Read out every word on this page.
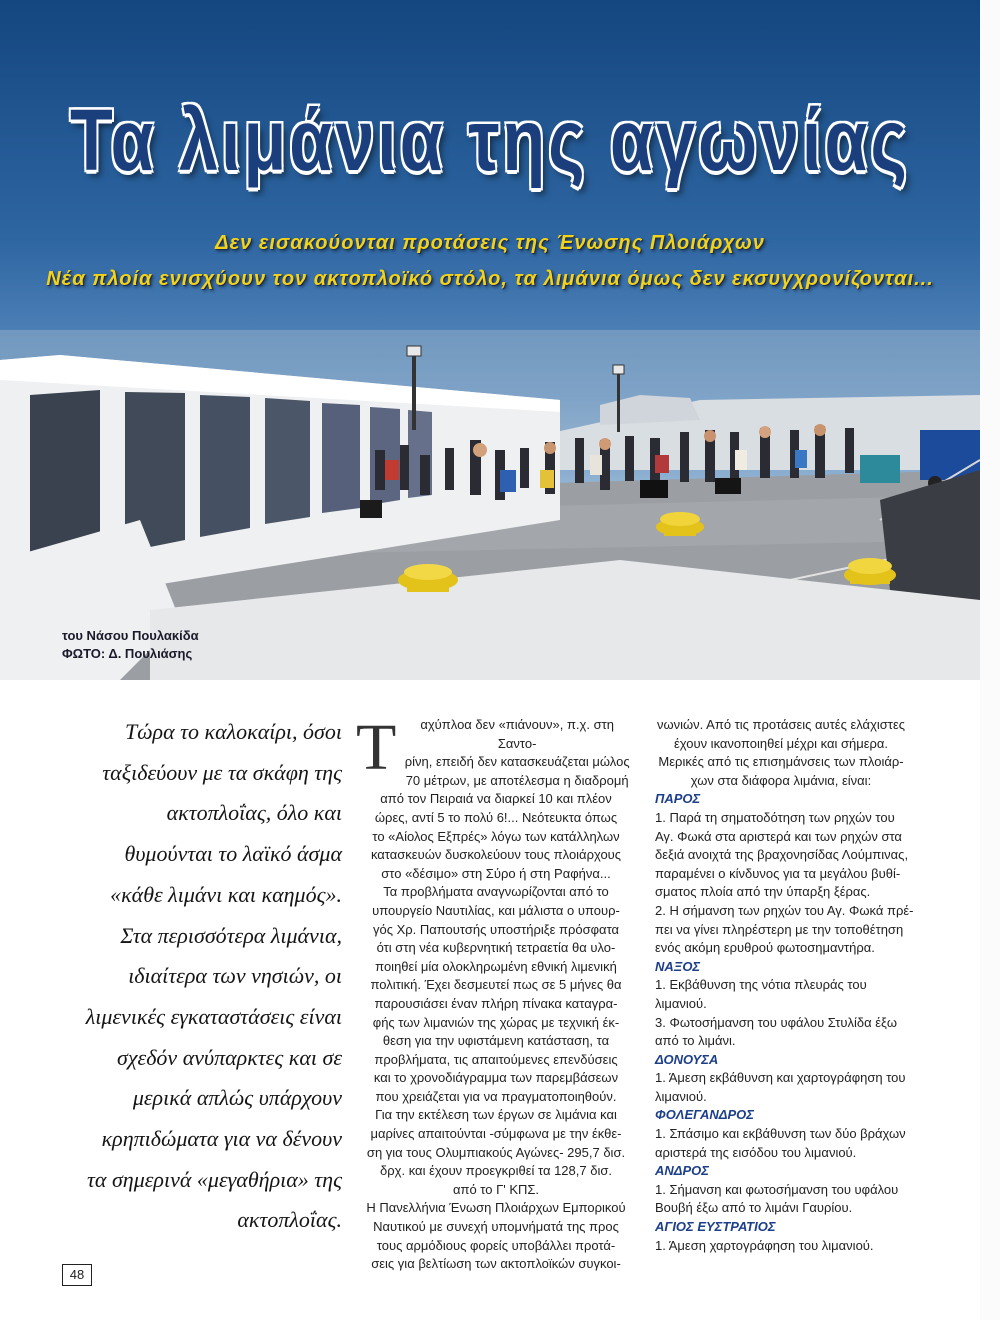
Τα λιμάνια της αγωνίας

Δεν εισακούονται προτάσεις της Ένωσης Πλοιάρχων

Νέα πλοία ενισχύουν τον ακτοπλοϊκό στόλο, τα λιμάνια όμως δεν εκσυγχρονίζονται...

του Νάσου Πουλακίδα
ΦΩΤΟ: Δ. Πουλιάσης

Τώρα το καλοκαίρι, όσοι

ταξιδεύουν με τα σκάφη της

ακτοπλοΐας, όλο και

θυμούνται το λαϊκό άσμα

«κάθε λιμάνι και καημός».

Στα περισσότερα λιμάνια,

ιδιαίτερα των νησιών, οι

λιμενικές εγκαταστάσεις είναι

σχεδόν ανύπαρκτες και σε

μερικά απλώς υπάρχουν

κρηπιδώματα για να δένουν

τα σημερινά «μεγαθήρια» της

ακτοπλοΐας.

Τ	αχύπλοα δεν «πιάνουν», π.χ. στη Σαντο-

ρίνη, επειδή δεν κατασκευάζεται μώλος

70 μέτρων, με αποτέλεσμα η διαδρομή

από τον Πειραιά να διαρκεί 10 και πλέον

ώρες, αντί 5 το πολύ 6!... Νεότευκτα όπως

το «Αίολος Εξπρές» λόγω των κατάλληλων

κατασκευών δυσκολεύουν τους πλοιάρχους

στο «δέσιμο» στη Σύρο ή στη Ραφήνα...

Τα προβλήματα αναγνωρίζονται από το

υπουργείο Ναυτιλίας, και μάλιστα ο υπουρ-

γός Χρ. Παπουτσής υποστήριξε πρόσφατα

ότι στη νέα κυβερνητική τετραετία θα υλο-

ποιηθεί μία ολοκληρωμένη εθνική λιμενική

πολιτική. Έχει δεσμευτεί πως σε 5 μήνες θα

παρουσιάσει έναν πλήρη πίνακα καταγρα-

φής των λιμανιών της χώρας με τεχνική έκ-

θεση για την υφιστάμενη κατάσταση, τα

προβλήματα, τις απαιτούμενες επενδύσεις

και το χρονοδιάγραμμα των παρεμβάσεων

που χρειάζεται για να πραγματοποιηθούν.

Για την εκτέλεση των έργων σε λιμάνια και

μαρίνες απαιτούνται -σύμφωνα με την έκθε-

ση για τους Ολυμπιακούς Αγώνες- 295,7 δισ.

δρχ. και έχουν προεγκριθεί τα 128,7 δισ.

από το Γ' ΚΠΣ.

Η Πανελλήνια Ένωση Πλοιάρχων Εμπορικού

Ναυτικού με συνεχή υπομνήματά της προς

τους αρμόδιους φορείς υποβάλλει προτά-

σεις για βελτίωση των ακτοπλοϊκών συγκοι-

νωνιών. Από τις προτάσεις αυτές ελάχιστες

έχουν ικανοποιηθεί μέχρι και σήμερα.

Μερικές από τις επισημάνσεις των πλοιάρ-

χων στα διάφορα λιμάνια, είναι:

ΠΑΡΟΣ

1. Παρά τη σηματοδότηση των ρηχών του

Αγ. Φωκά στα αριστερά και των ρηχών στα

δεξιά ανοιχτά της βραχονησίδας Λούμπινας,

παραμένει ο κίνδυνος για τα μεγάλου βυθί-

σματος πλοία από την ύπαρξη ξέρας.

2. Η σήμανση των ρηχών του Αγ. Φωκά πρέ-

πει να γίνει πληρέστερη με την τοποθέτηση

ενός ακόμη ερυθρού φωτοσημαντήρα.

ΝΑΞΟΣ

1. Εκβάθυνση της νότια πλευράς του λιμανιού.

3. Φωτοσήμανση του υφάλου Στυλίδα έξω

από το λιμάνι.

ΔΟΝΟΥΣΑ

1. Άμεση εκβάθυνση και χαρτογράφηση του

λιμανιού.

ΦΟΛΕΓΑΝΔΡΟΣ

1. Σπάσιμο και εκβάθυνση των δύο βράχων

αριστερά της εισόδου του λιμανιού.

ΑΝΔΡΟΣ

1. Σήμανση και φωτοσήμανση του υφάλου

Βουβή έξω από το λιμάνι Γαυρίου.

ΑΓΙΟΣ ΕΥΣΤΡΑΤΙΟΣ

1. Άμεση χαρτογράφηση του λιμανιού.

48
